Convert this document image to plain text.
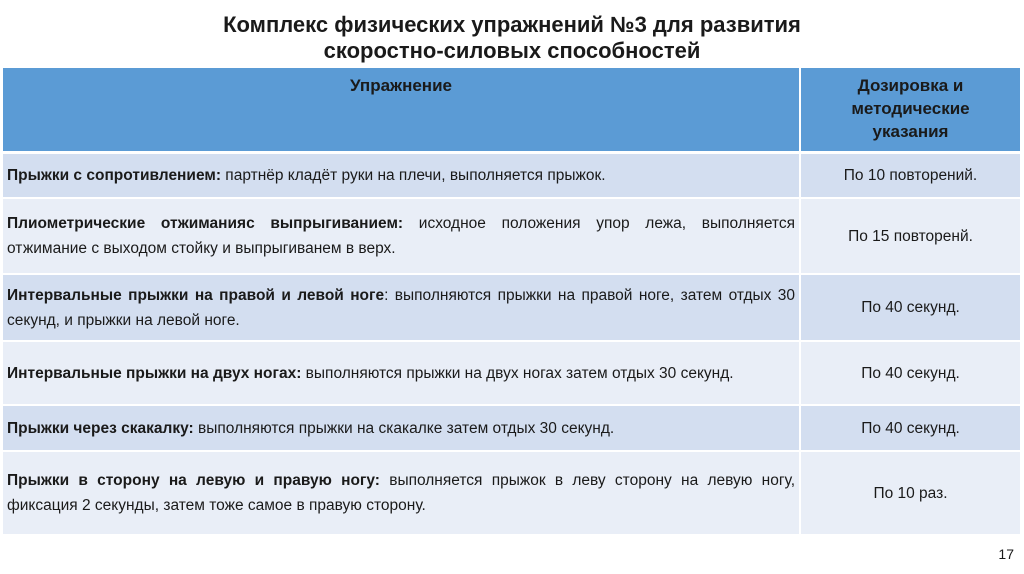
Комплекс физических упражнений №3 для развития
скоростно-силовых способностей
Упражнение	Дозировка и методические указания
Прыжки с сопротивлением: партнёр кладёт руки на плечи, выполняется прыжок.	По 10 повторений.
Плиометрические отжиманияс выпрыгиванием: исходное положения упор лежа, выполняется отжимание с выходом стойку и выпрыгиванем в верх.	По 15 повторенй.
Интервальные прыжки на правой и левой ноге: выполняются прыжки на правой ноге, затем отдых 30 секунд, и прыжки на левой ноге.	По 40 секунд.
Интервальные прыжки на двух ногах: выполняются прыжки на двух ногах затем отдых 30 секунд.	По 40 секунд.
Прыжки через скакалку: выполняются прыжки на скакалке затем отдых 30 секунд.	По 40 секунд.
Прыжки в сторону на левую и правую ногу: выполняется прыжок в леву сторону на левую ногу, фиксация 2 секунды, затем тоже самое в правую сторону.	По 10 раз.
17
